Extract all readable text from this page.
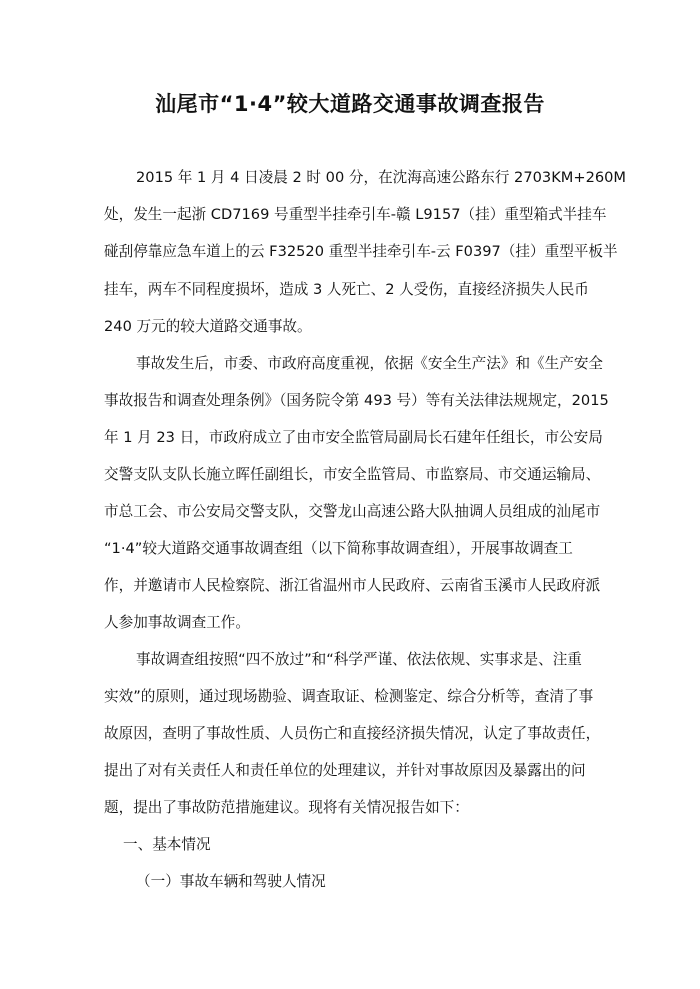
汕尾市“1·4”较大道路交通事故调查报告

2015 年 1 月 4 日凌晨 2 时 00 分，在沈海高速公路东行 2703KM+260M

处，发生一起浙 CD7169 号重型半挂牵引车-赣 L9157（挂）重型箱式半挂车

碰刮停靠应急车道上的云 F32520 重型半挂牵引车-云 F0397（挂）重型平板半

挂车，两车不同程度损坏，造成 3 人死亡、2 人受伤，直接经济损失人民币

240 万元的较大道路交通事故。

事故发生后，市委、市政府高度重视，依据《安全生产法》和《生产安全

事故报告和调查处理条例》（国务院令第 493 号）等有关法律法规规定，2015

年 1 月 23 日，市政府成立了由市安全监管局副局长石建年任组长，市公安局

交警支队支队长施立晖任副组长，市安全监管局、市监察局、市交通运输局、

市总工会、市公安局交警支队，交警龙山高速公路大队抽调人员组成的汕尾市

“1·4”较大道路交通事故调查组（以下简称事故调查组），开展事故调查工

作，并邀请市人民检察院、浙江省温州市人民政府、云南省玉溪市人民政府派

人参加事故调查工作。

事故调查组按照“四不放过”和“科学严谨、依法依规、实事求是、注重

实效”的原则，通过现场勘验、调查取证、检测鉴定、综合分析等，查清了事

故原因，查明了事故性质、人员伤亡和直接经济损失情况，认定了事故责任，

提出了对有关责任人和责任单位的处理建议，并针对事故原因及暴露出的问

题，提出了事故防范措施建议。现将有关情况报告如下：

一、基本情况

（一）事故车辆和驾驶人情况
